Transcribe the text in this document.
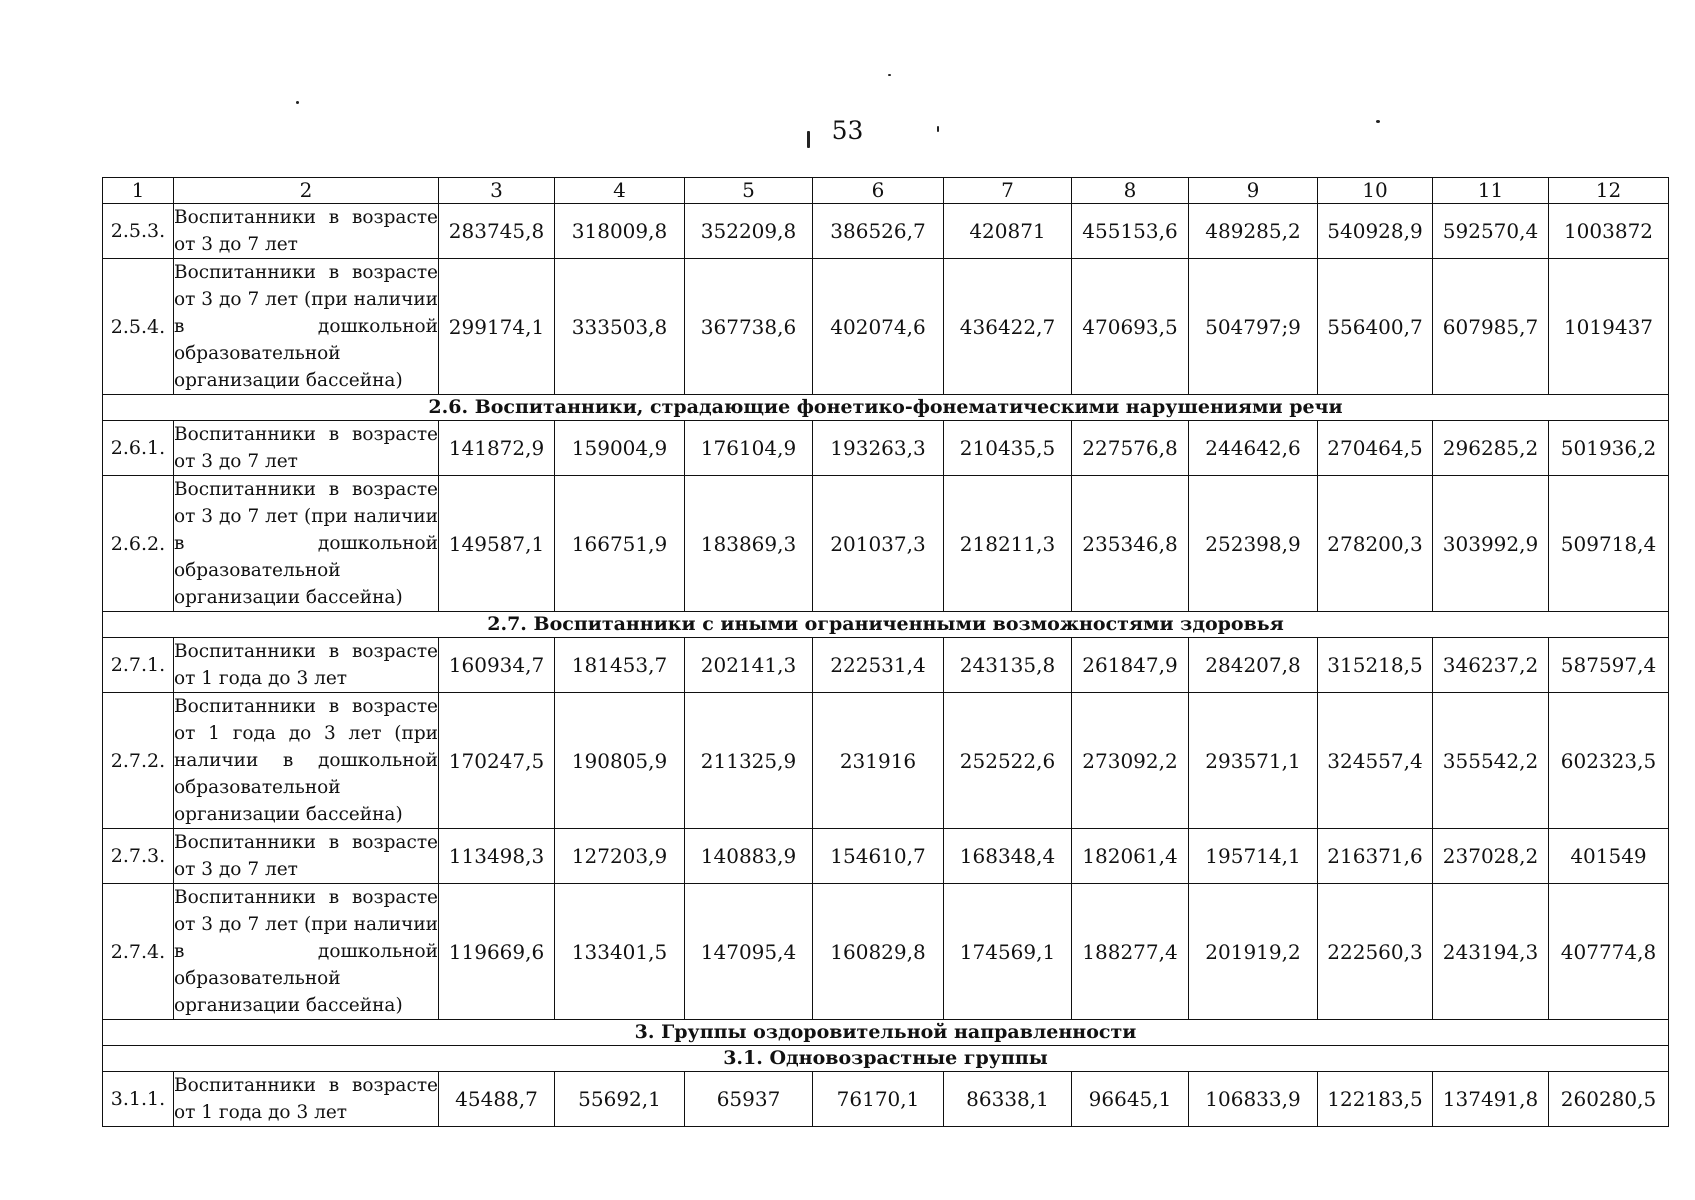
53
1	2	3	4	5	6	7	8	9	10	11	12
2.5.3.	Воспитанники в возрасте от 3 до 7 лет	283745,8	318009,8	352209,8	386526,7	420871	455153,6	489285,2	540928,9	592570,4	1003872
2.5.4.	Воспитанники в возрасте от 3 до 7 лет (при наличии в дошкольной образовательной организации бассейна)	299174,1	333503,8	367738,6	402074,6	436422,7	470693,5	504797;9	556400,7	607985,7	1019437
2.6. Воспитанники, страдающие фонетико-фонематическими нарушениями речи											
2.6.1.	Воспитанники в возрасте от 3 до 7 лет	141872,9	159004,9	176104,9	193263,3	210435,5	227576,8	244642,6	270464,5	296285,2	501936,2
2.6.2.	Воспитанники в возрасте от 3 до 7 лет (при наличии в дошкольной образовательной организации бассейна)	149587,1	166751,9	183869,3	201037,3	218211,3	235346,8	252398,9	278200,3	303992,9	509718,4
2.7. Воспитанники с иными ограниченными возможностями здоровья											
2.7.1.	Воспитанники в возрасте от 1 года до 3 лет	160934,7	181453,7	202141,3	222531,4	243135,8	261847,9	284207,8	315218,5	346237,2	587597,4
2.7.2.	Воспитанники в возрасте от 1 года до 3 лет (при наличии в дошкольной образовательной организации бассейна)	170247,5	190805,9	211325,9	231916	252522,6	273092,2	293571,1	324557,4	355542,2	602323,5
2.7.3.	Воспитанники в возрасте от 3 до 7 лет	113498,3	127203,9	140883,9	154610,7	168348,4	182061,4	195714,1	216371,6	237028,2	401549
2.7.4.	Воспитанники в возрасте от 3 до 7 лет (при наличии в дошкольной образовательной организации бассейна)	119669,6	133401,5	147095,4	160829,8	174569,1	188277,4	201919,2	222560,3	243194,3	407774,8
3. Группы оздоровительной направленности											
3.1. Одновозрастные группы											
3.1.1.	Воспитанники в возрасте от 1 года до 3 лет	45488,7	55692,1	65937	76170,1	86338,1	96645,1	106833,9	122183,5	137491,8	260280,5
